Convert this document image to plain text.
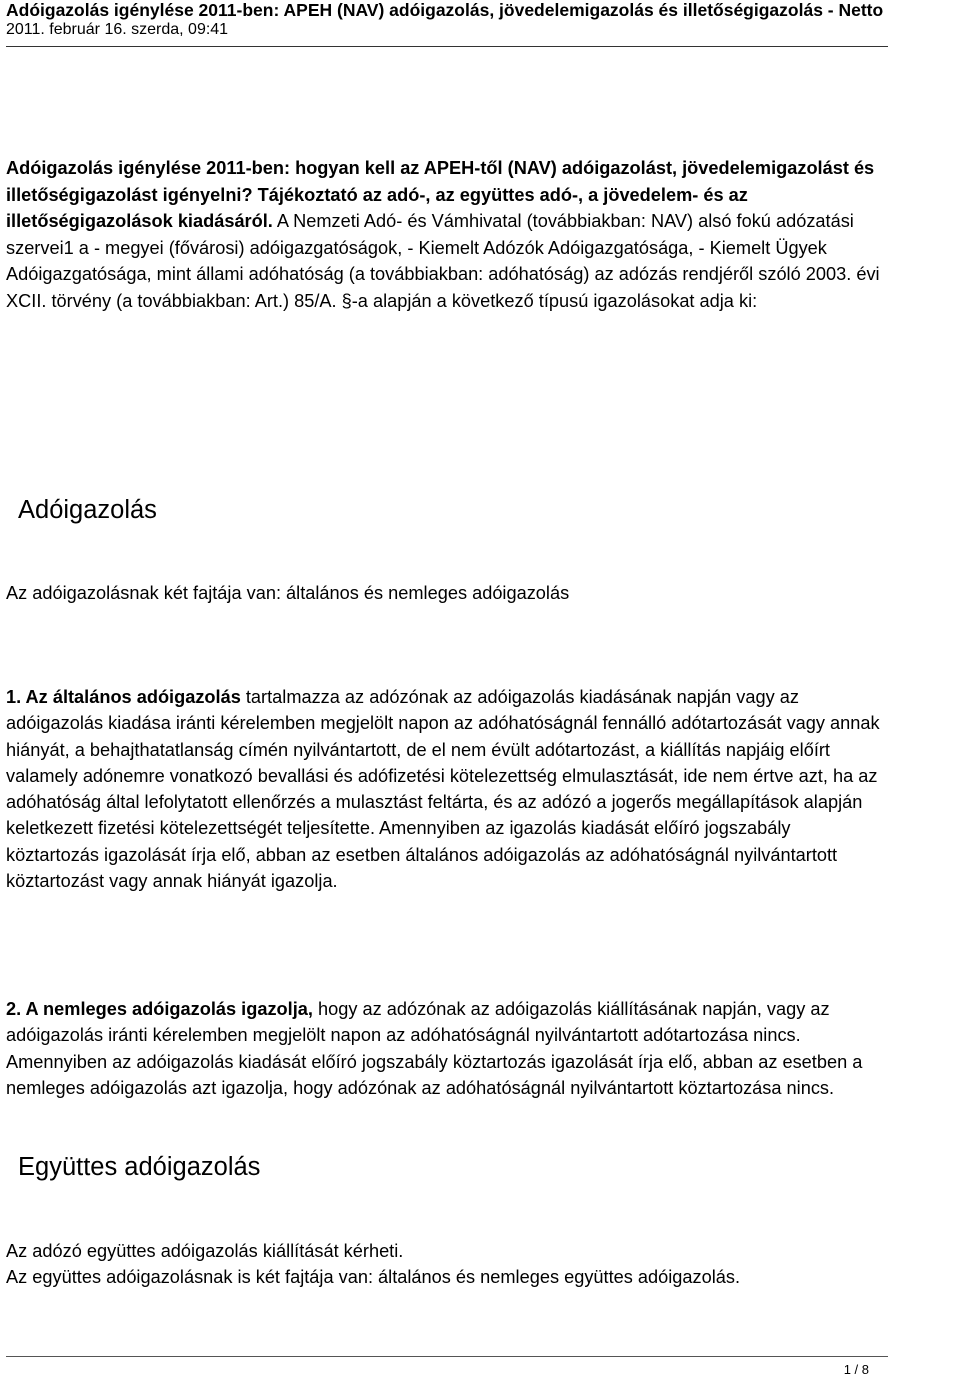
Adóigazolás igénylése 2011-ben: APEH (NAV) adóigazolás, jövedelemigazolás és illetőségigazolás - Netto
2011. február 16. szerda, 09:41
Adóigazolás igénylése 2011-ben: hogyan kell az APEH-től (NAV) adóigazolást, jövedelemigazolást és illetőségigazolást igényelni? Tájékoztató az adó-, az együttes adó-, a jövedelem- és az illetőségigazolások kiadásáról. A Nemzeti Adó- és Vámhivatal (továbbiakban: NAV) alsó fokú adózatási szervei1 a - megyei (fővárosi) adóigazgatóságok, - Kiemelt Adózók Adóigazgatósága, - Kiemelt Ügyek Adóigazgatósága, mint állami adóhatóság (a továbbiakban: adóhatóság) az adózás rendjéről szóló 2003. évi XCII. törvény (a továbbiakban: Art.) 85/A. §-a alapján a következő típusú igazolásokat adja ki:
Adóigazolás

Az adóigazolásnak két fajtája van: általános és nemleges adóigazolás

1. Az általános adóigazolás tartalmazza az adózónak az adóigazolás kiadásának napján vagy az adóigazolás kiadása iránti kérelemben megjelölt napon az adóhatóságnál fennálló adótartozását vagy annak hiányát, a behajthatatlanság címén nyilvántartott, de el nem évült adótartozást, a kiállítás napjáig előírt valamely adónemre vonatkozó bevallási és adófizetési kötelezettség elmulasztását, ide nem értve azt, ha az adóhatóság által lefolytatott ellenőrzés a mulasztást feltárta, és az adózó a jogerős megállapítások alapján keletkezett fizetési kötelezettségét teljesítette. Amennyiben az igazolás kiadását előíró jogszabály köztartozás igazolását írja elő, abban az esetben általános adóigazolás az adóhatóságnál nyilvántartott köztartozást vagy annak hiányát igazolja.

2. A nemleges adóigazolás igazolja, hogy az adózónak az adóigazolás kiállításának napján, vagy az adóigazolás iránti kérelemben megjelölt napon az adóhatóságnál nyilvántartott adótartozása nincs. Amennyiben az adóigazolás kiadását előíró jogszabály köztartozás igazolását írja elő, abban az esetben a nemleges adóigazolás azt igazolja, hogy adózónak az adóhatóságnál nyilvántartott köztartozása nincs.

Együttes adóigazolás

Az adózó együttes adóigazolás kiállítását kérheti.

Az együttes adóigazolásnak is két fajtája van: általános és nemleges együttes adóigazolás.

1 / 8
